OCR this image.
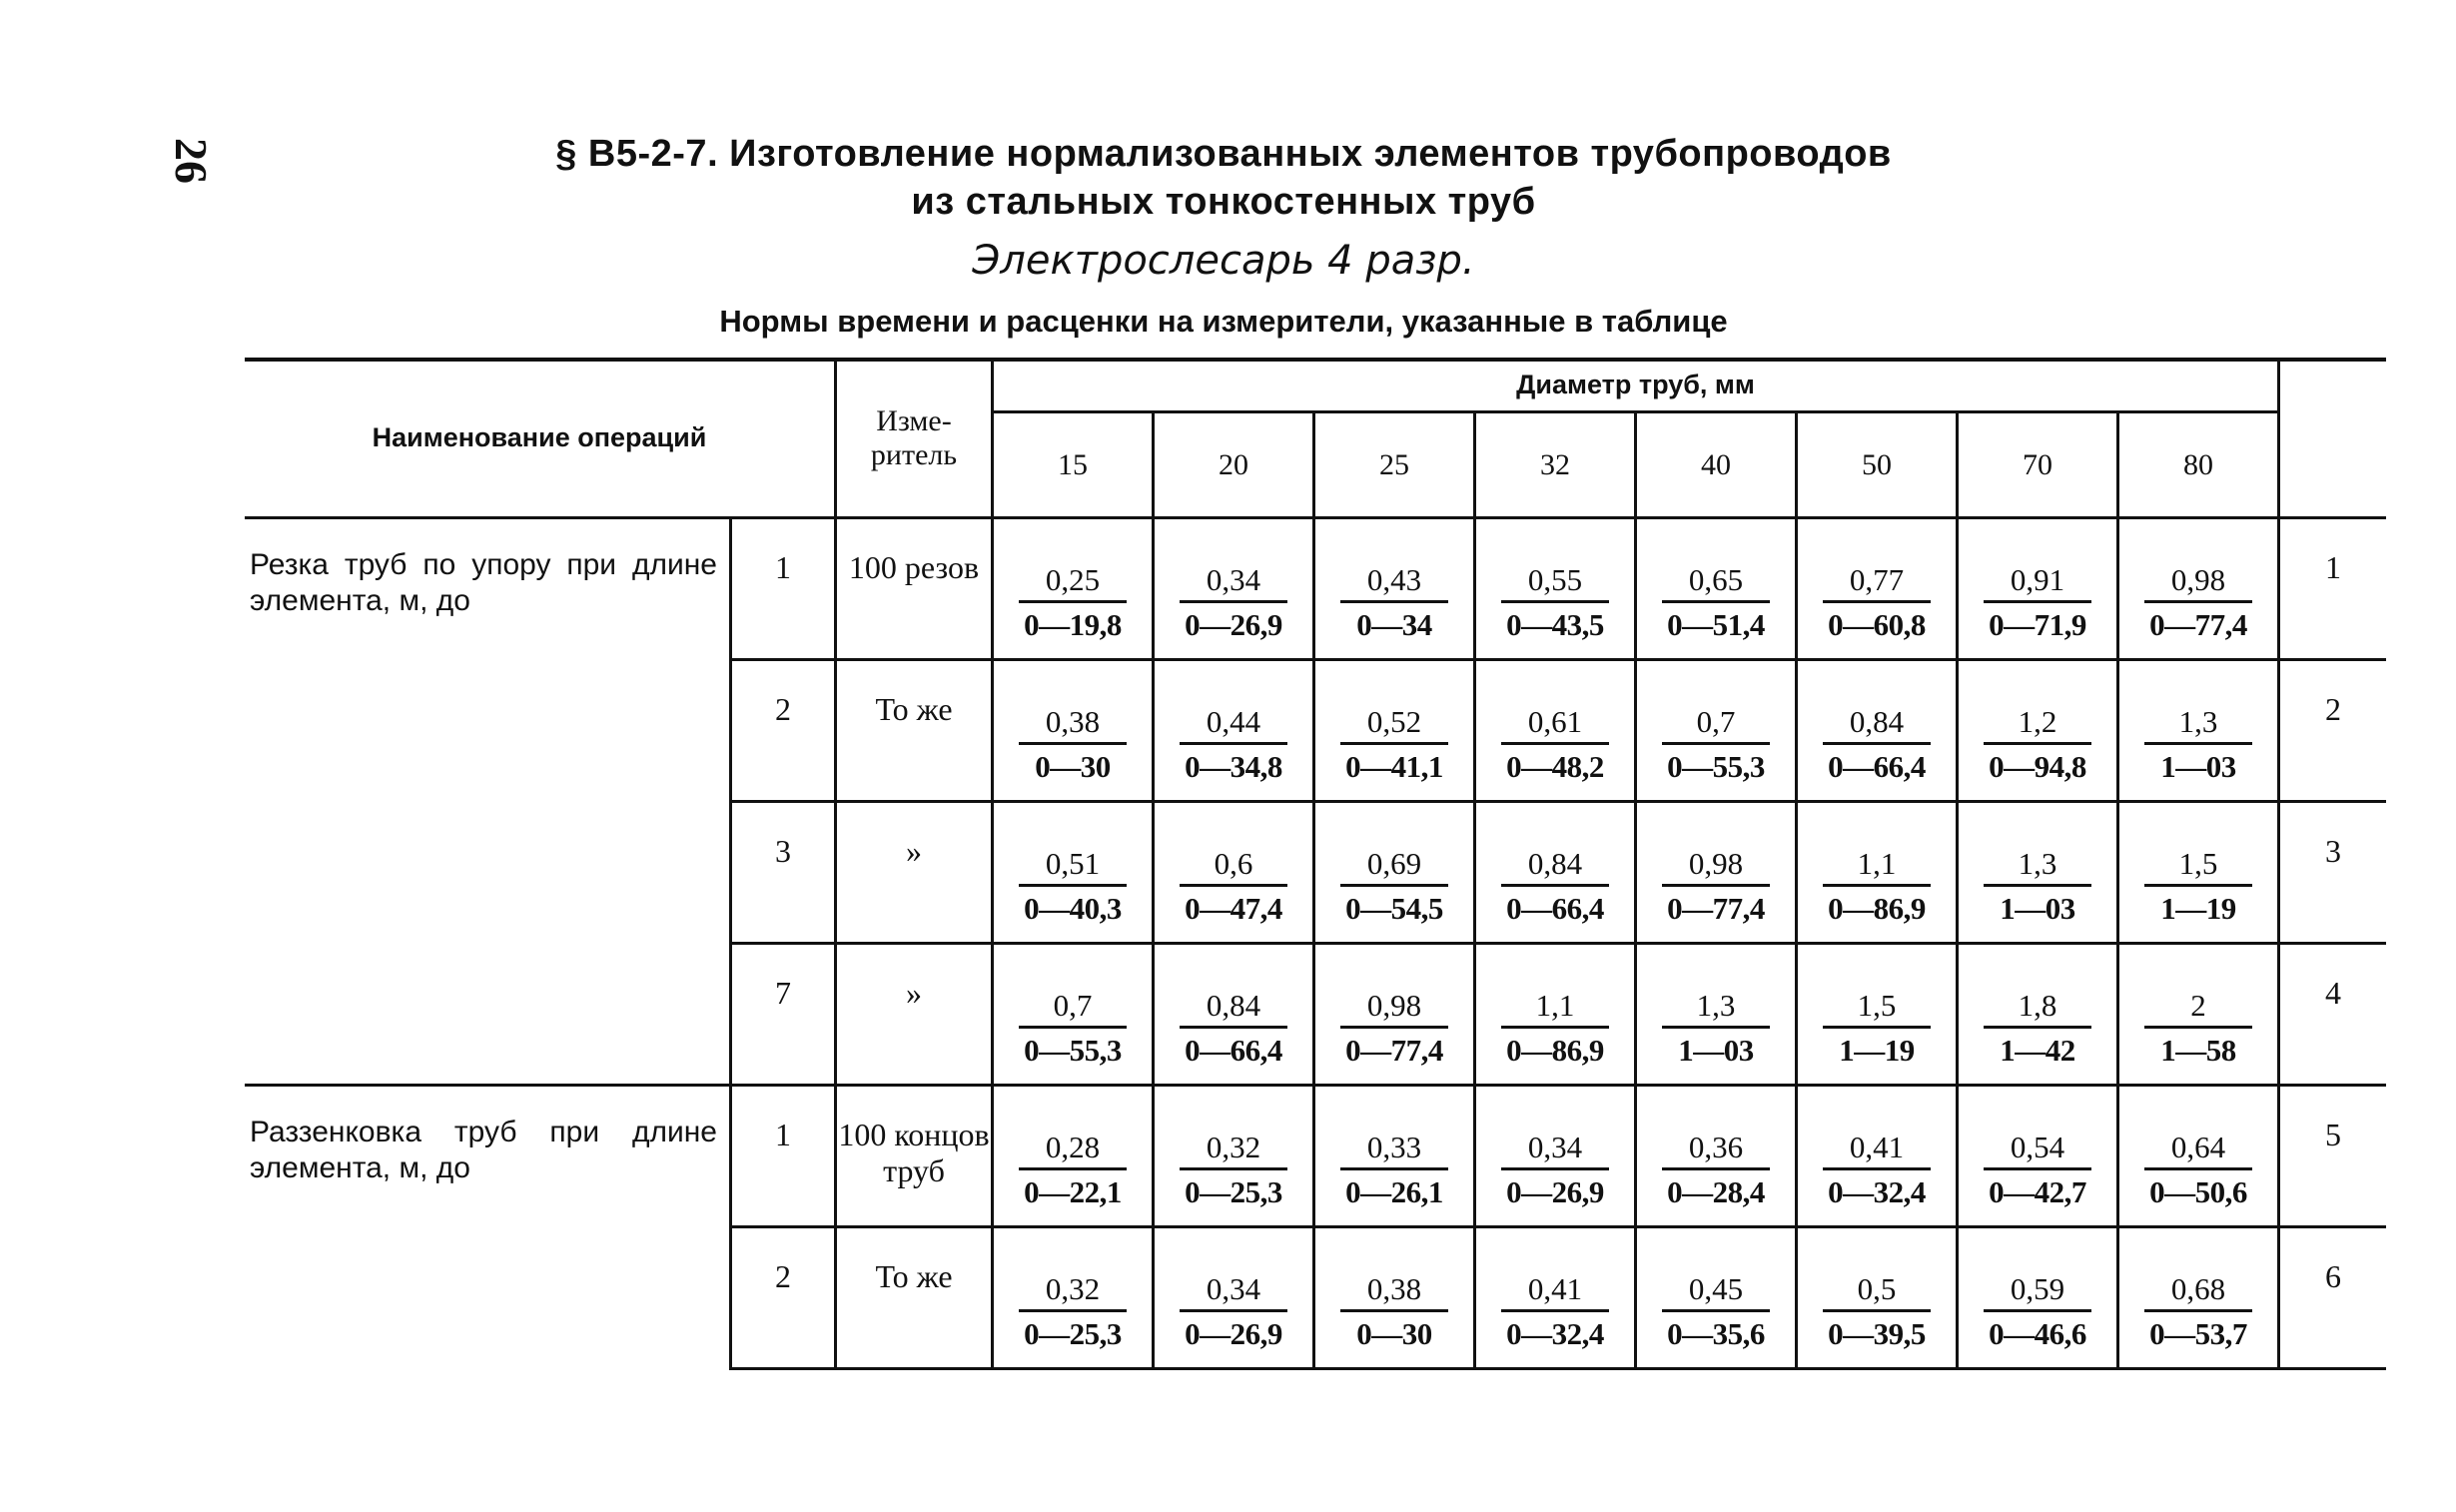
26	§ В5-2-7. Изготовление нормализованных элементов трубопроводов
из стальных тонкостенных труб
Электрослесарь 4 разр.
Нормы времени и расценки на измерители, указанные в таблице
Наименование операций
Изме-ритель
Диаметр труб, мм
15	20	25	32	40	50	70	80
Резка труб по упору при длине элемента, м, до
1	100 резов $\frac{0,25}{0—19,8} \frac{0,34}{0—26,9} \frac{0,43}{0—34} \frac{0,55}{0—43,5} \frac{0,65}{0—51,4} \frac{0,77}{0—60,8} \frac{0,91}{0—71,9} \frac{0,98}{0—77,4}$	1
2	То же	$\frac{0,38}{0—30} \frac{0,44}{0—34,8} \frac{0,52}{0—41,1} \frac{0,61}{0—48,2} \frac{0,7}{0—55,3} \frac{0,84}{0—66,4} \frac{1,2}{0—94,8} \frac{1,3}{1—03}$	2
3	»	$\frac{0,51}{0—40,3} \frac{0,6}{0—47,4} \frac{0,69}{0—54,5} \frac{0,84}{0—66,4} \frac{0,98}{0—77,4} \frac{1,1}{0—86,9} \frac{1,3}{1—03} \frac{1,5}{1—19}$	3
7	»	$\frac{0,7}{0—55,3} \frac{0,84}{0—66,4} \frac{0,98}{0—77,4} \frac{1,1}{0—86,9} \frac{1,3}{1—03} \frac{1,5}{1—19} \frac{1,8}{1—42} \frac{2}{1—58}$	4
Раззенковка труб при длине элемента, м, до
1	100 концов труб	$\frac{0,28}{0—22,1} \frac{0,32}{0—25,3} \frac{0,33}{0—26,1} \frac{0,34}{0—26,9} \frac{0,36}{0—28,4} \frac{0,41}{0—32,4} \frac{0,54}{0—42,7} \frac{0,64}{0—50,6}$	5
2	То же	$\frac{0,32}{0—25,3} \frac{0,34}{0—26,9} \frac{0,38}{0—30} \frac{0,41}{0—32,4} \frac{0,45}{0—35,6} \frac{0,5}{0—39,5} \frac{0,59}{0—46,6} \frac{0,68}{0—53,7}$	6
